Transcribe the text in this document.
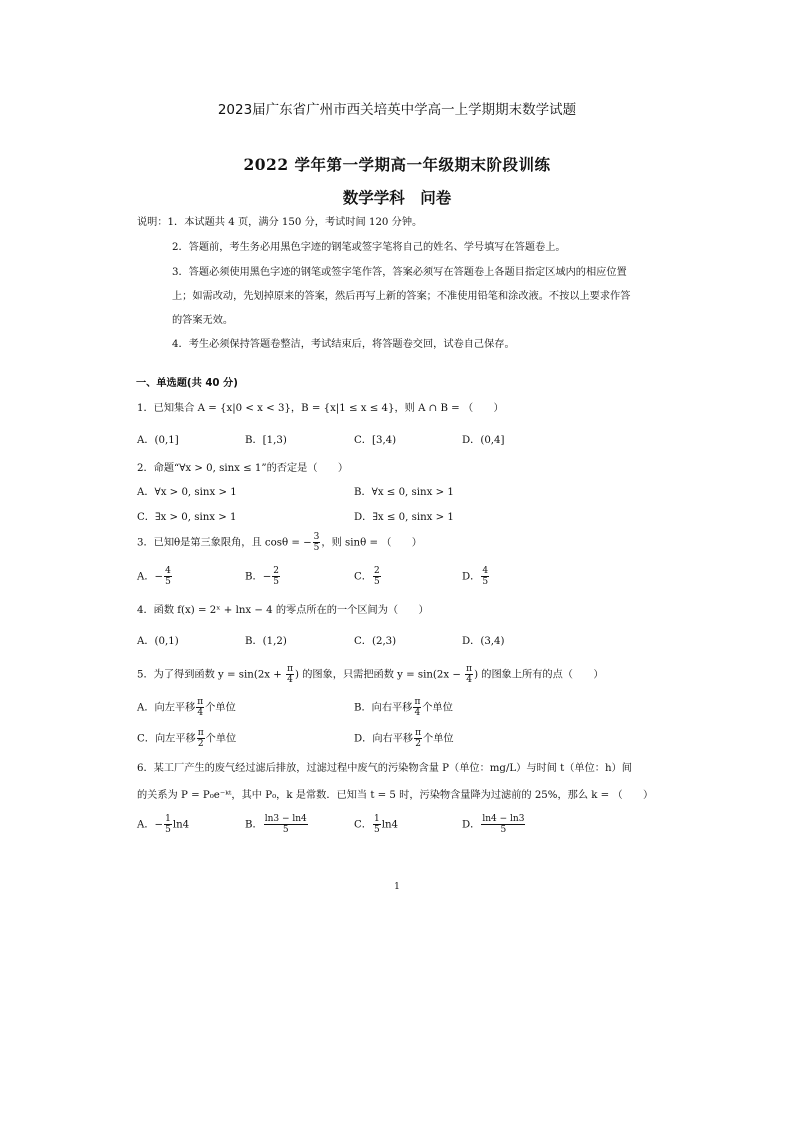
2023届广东省广州市西关培英中学高一上学期期末数学试题
2022 学年第一学期高一年级期末阶段训练
数学学科　问卷
说明：1．本试题共 4 页，满分 150 分，考试时间 120 分钟。
2．答题前，考生务必用黑色字迹的钢笔或签字笔将自己的姓名、学号填写在答题卷上。
3．答题必须使用黑色字迹的钢笔或签字笔作答，答案必须写在答题卷上各题目指定区域内的相应位置
上；如需改动，先划掉原来的答案，然后再写上新的答案；不准使用铅笔和涂改液。不按以上要求作答
的答案无效。
4．考生必须保持答题卷整洁，考试结束后，将答题卷交回，试卷自己保存。
一、单选题(共 40 分)
1．已知集合 A = {x|0 < x < 3}，B = {x|1 ≤ x ≤ 4}，则 A ∩ B = （　　）
A．(0,1]	B．[1,3)	C．[3,4)	D．(0,4]
2．命题“∀x > 0, sinx ≤ 1”的否定是（　　）
A．∀x > 0, sinx > 1	B．∀x ≤ 0, sinx > 1
C．∃x > 0, sinx > 1	D．∃x ≤ 0, sinx > 1
3．已知θ是第三象限角，且 cosθ = − $\frac{3}{5}$ ，则 sinθ = （　　）
A．− $\frac{4}{5}$	B．− $\frac{2}{5}$	C． $\frac{2}{5}$	D． $\frac{4}{5}$
4．函数 f(x) = 2ˣ + lnx − 4 的零点所在的一个区间为（　　）
A．(0,1)	B．(1,2)	C．(2,3)	D．(3,4)
5．为了得到函数 $y = \sin(2x + \frac{\pi}{4}$ ) 的图象，只需把函数 $y = \sin(2x - \frac{\pi}{4}$ ) 的图象上所有的点（　　）
A．向左平移 $\frac{\pi}{4}$ 个单位	B．向右平移 $\frac{\pi}{4}$ 个单位
C．向左平移 $\frac{\pi}{2}$ 个单位	D．向右平移 $\frac{\pi}{2}$ 个单位
6．某工厂产生的废气经过滤后排放，过滤过程中废气的污染物含量 P（单位：mg/L）与时间 t（单位：h）间
的关系为 P = P₀e⁻ᵏᵗ，其中 P₀，k 是常数．已知当 t = 5 时，污染物含量降为过滤前的 25%，那么 k = （　　）
A．− $\frac{1}{5} \ln 4$	B． $\frac{\ln 3 - \ln 4}{5}$	C． $\frac{1}{5} \ln 4$	D． $\frac{\ln 4 - \ln 3}{5}$
1
